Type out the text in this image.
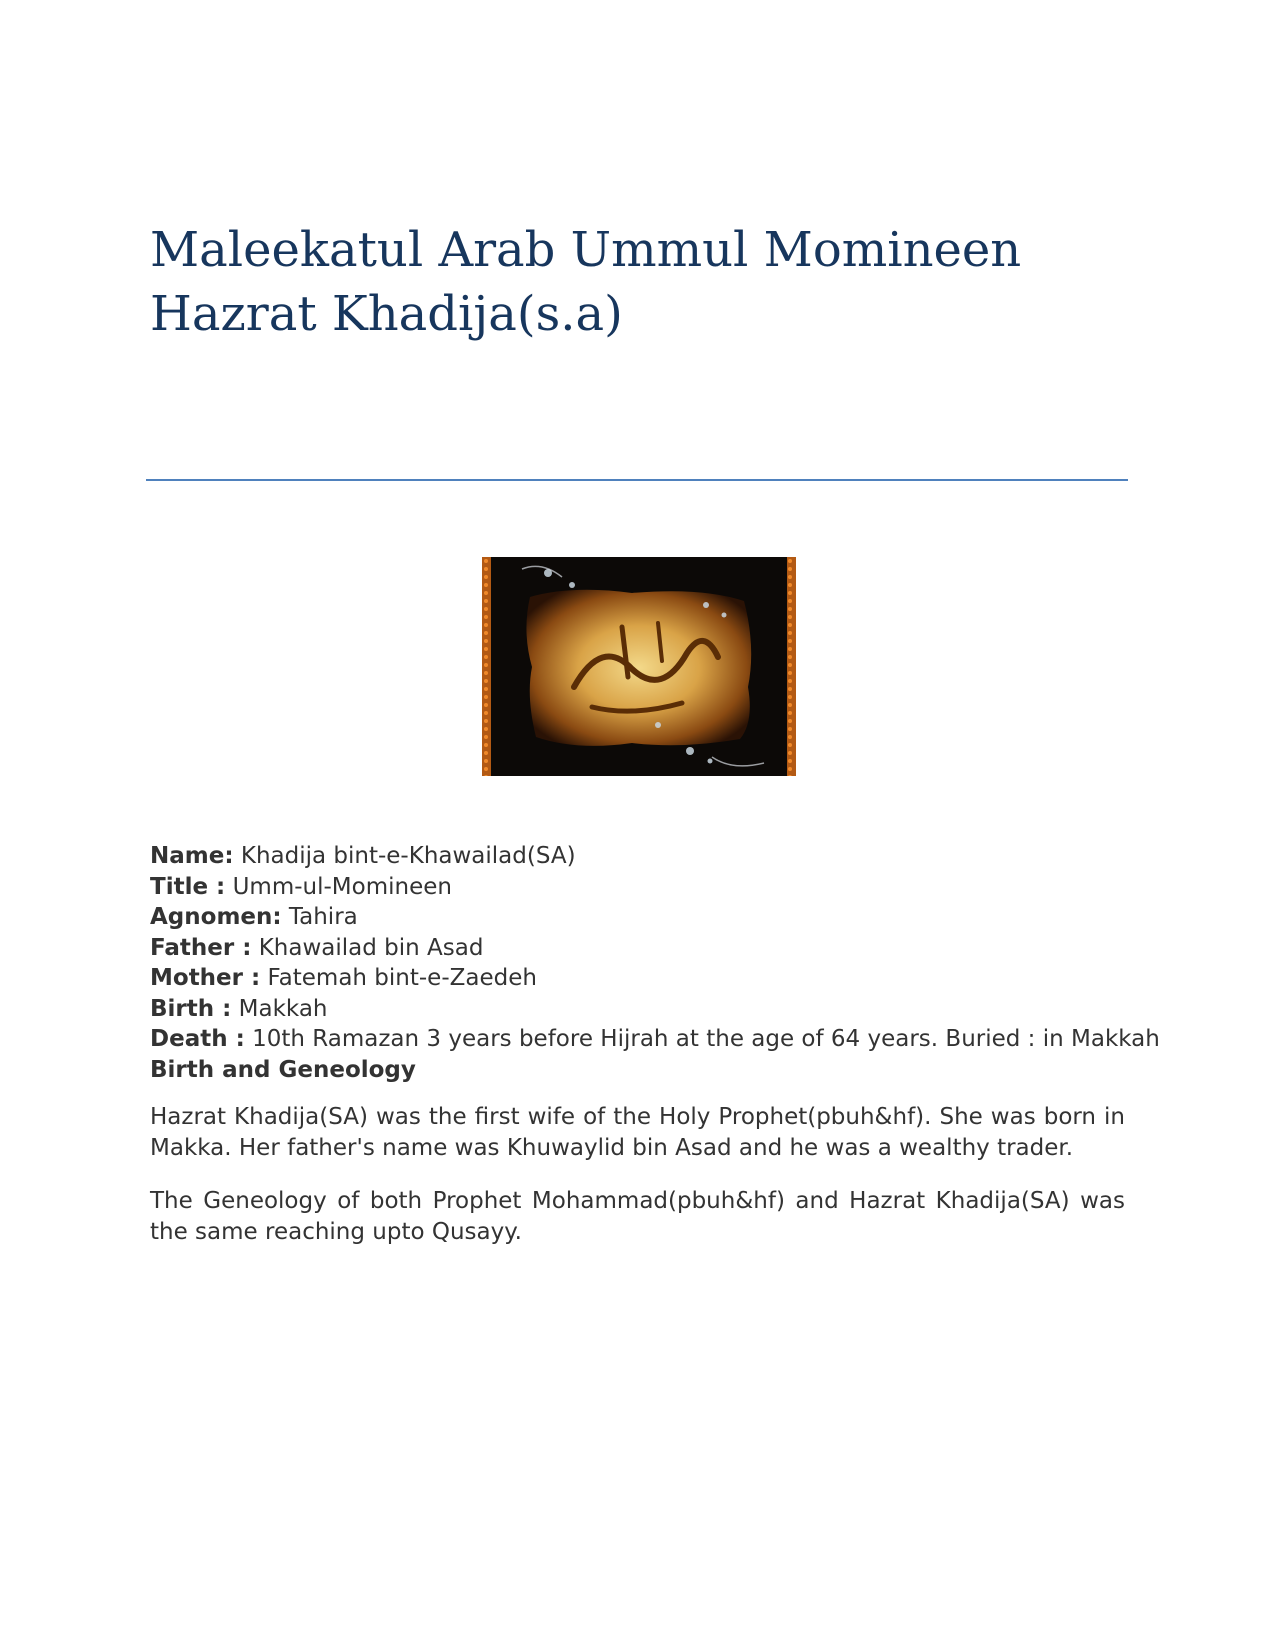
Maleekatul Arab Ummul Momineen
Hazrat Khadija(s.a)
Name: Khadija bint-e-Khawailad(SA)
Title : Umm-ul-Momineen
Agnomen: Tahira
Father : Khawailad bin Asad
Mother : Fatemah bint-e-Zaedeh
Birth : Makkah
Death : 10th Ramazan 3 years before Hijrah at the age of 64 years. Buried : in Makkah
Birth and Geneology

Hazrat Khadija(SA) was the first wife of the Holy Prophet(pbuh&hf). She was born in Makka. Her father's name was Khuwaylid bin Asad and he was a wealthy trader.

The Geneology of both Prophet Mohammad(pbuh&hf) and Hazrat Khadija(SA) was the same reaching upto Qusayy.
